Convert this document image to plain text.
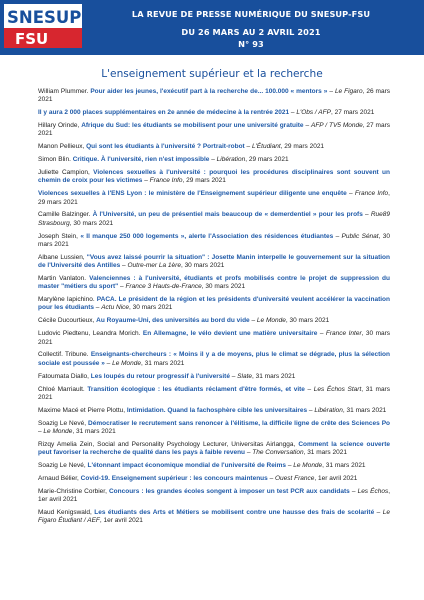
SNESUP
FSU
LA REVUE DE PRESSE NUMÉRIQUE DU SNESUP-FSU
DU 26 MARS AU 2 AVRIL 2021
N° 93
L'enseignement supérieur et la recherche
William Plummer. Pour aider les jeunes, l'exécutif part à la recherche de... 100.000 « mentors » – Le Figaro, 26 mars 2021
Il y aura 2 000 places supplémentaires en 2e année de médecine à la rentrée 2021 – L'Obs / AFP, 27 mars 2021
Hillary Orinde, Afrique du Sud: les étudiants se mobilisent pour une université gratuite – AFP / TV5 Monde, 27 mars 2021
Manon Pellieux, Qui sont les étudiants à l'université ? Portrait-robot – L'Étudiant, 29 mars 2021
Simon Blin. Critique. À l'université, rien n'est impossible – Libération, 29 mars 2021
Juliette Campion, Violences sexuelles à l'université : pourquoi les procédures disciplinaires sont souvent un chemin de croix pour les victimes – France Info, 29 mars 2021
Violences sexuelles à l'ENS Lyon : le ministère de l'Enseignement supérieur diligente une enquête – France Info, 29 mars 2021
Camille Balzinger. À l'Université, un peu de présentiel mais beaucoup de « demerdentiel » pour les profs – Rue89 Strasbourg, 30 mars 2021
Joseph Stein, « Il manque 250 000 logements », alerte l'Association des résidences étudiantes – Public Sénat, 30 mars 2021
Albane Lussien, "Vous avez laissé pourrir la situation" : Josette Manin interpelle le gouvernement sur la situation de l'Université des Antilles – Outre-mer La 1ère, 30 mars 2021
Martin Vanlaton. Valenciennes : à l'université, étudiants et profs mobilisés contre le projet de suppression du master "métiers du sport" – France 3 Hauts-de-France, 30 mars 2021
Marylène Iapichino. PACA. Le président de la région et les présidents d'université veulent accélérer la vaccination pour les étudiants – Actu Nice, 30 mars 2021
Cécile Ducourtieux, Au Royaume-Uni, des universités au bord du vide – Le Monde, 30 mars 2021
Ludovic Piedtenu, Leandra Morich. En Allemagne, le vélo devient une matière universitaire – France Inter, 30 mars 2021
Collectif. Tribune. Enseignants-chercheurs : « Moins il y a de moyens, plus le climat se dégrade, plus la sélection sociale est poussée » – Le Monde, 31 mars 2021
Fatoumata Diallo, Les loupés du retour progressif à l'université – Slate, 31 mars 2021
Chloé Marriault. Transition écologique : les étudiants réclament d'être formés, et vite – Les Échos Start, 31 mars 2021
Maxime Macé et Pierre Plottu, Intimidation. Quand la fachosphère cible les universitaires – Libération, 31 mars 2021
Soazig Le Nevé, Démocratiser le recrutement sans renoncer à l'élitisme, la difficile ligne de crête des Sciences Po – Le Monde, 31 mars 2021
Rizqy Amelia Zein, Social and Personality Psychology Lecturer, Universitas Airlangga, Comment la science ouverte peut favoriser la recherche de qualité dans les pays à faible revenu – The Conversation, 31 mars 2021
Soazig Le Nevé, L'étonnant impact économique mondial de l'université de Reims – Le Monde, 31 mars 2021
Arnaud Bélier, Covid-19. Enseignement supérieur : les concours maintenus – Ouest France, 1er avril 2021
Marie-Christine Corbier, Concours : les grandes écoles songent à imposer un test PCR aux candidats – Les Échos, 1er avril 2021
Maud Kenigswald, Les étudiants des Arts et Métiers se mobilisent contre une hausse des frais de scolarité – Le Figaro Étudiant / AEF, 1er avril 2021
